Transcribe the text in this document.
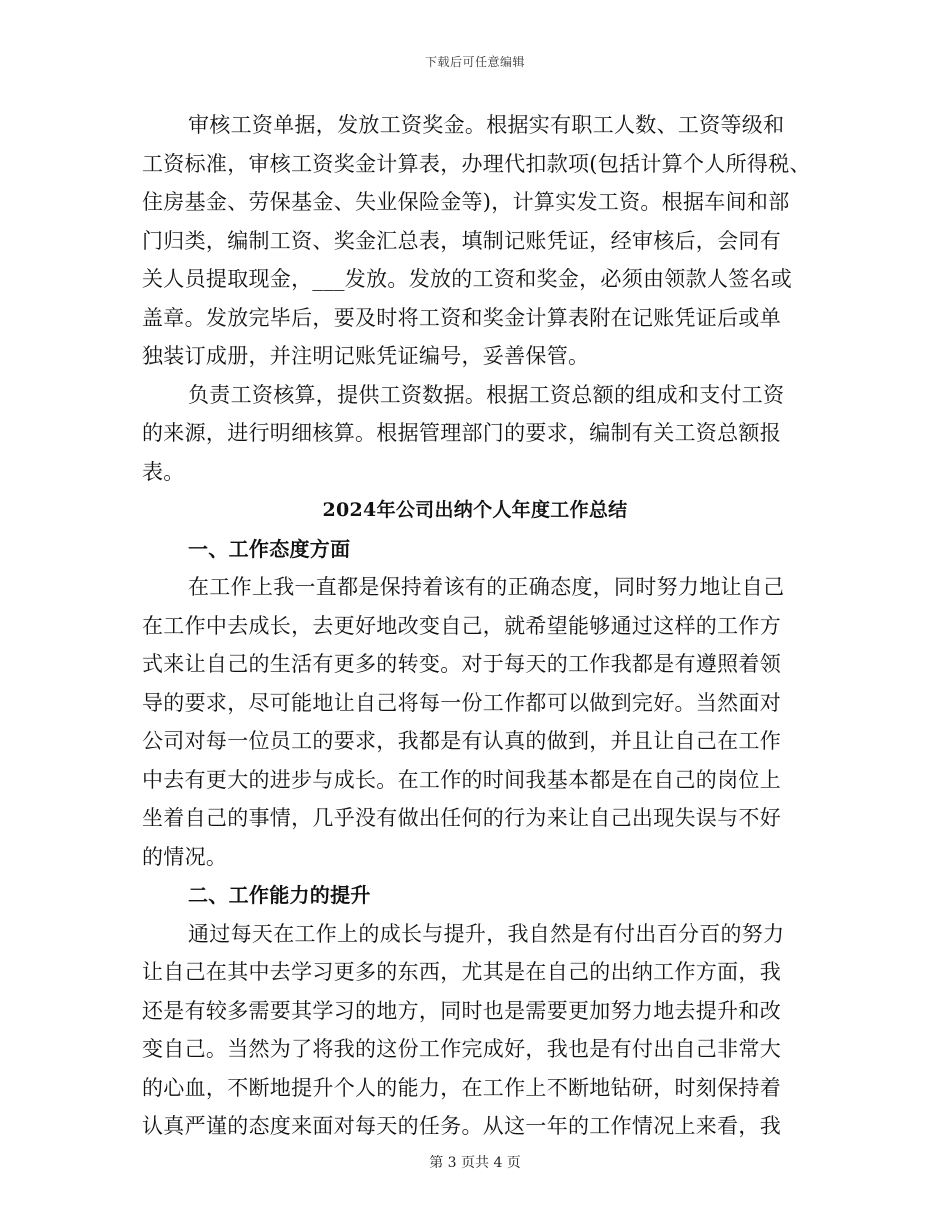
下载后可任意编辑
审核工资单据，发放工资奖金。根据实有职工人数、工资等级和
工资标准，审核工资奖金计算表，办理代扣款项(包括计算个人所得税、
住房基金、劳保基金、失业保险金等)，计算实发工资。根据车间和部
门归类，编制工资、奖金汇总表，填制记账凭证，经审核后，会同有
关人员提取现金，___发放。发放的工资和奖金，必须由领款人签名或
盖章。发放完毕后，要及时将工资和奖金计算表附在记账凭证后或单
独装订成册，并注明记账凭证编号，妥善保管。
负责工资核算，提供工资数据。根据工资总额的组成和支付工资
的来源，进行明细核算。根据管理部门的要求，编制有关工资总额报
表。
2024年公司出纳个人年度工作总结
一、工作态度方面
在工作上我一直都是保持着该有的正确态度，同时努力地让自己
在工作中去成长，去更好地改变自己，就希望能够通过这样的工作方
式来让自己的生活有更多的转变。对于每天的工作我都是有遵照着领
导的要求，尽可能地让自己将每一份工作都可以做到完好。当然面对
公司对每一位员工的要求，我都是有认真的做到，并且让自己在工作
中去有更大的进步与成长。在工作的时间我基本都是在自己的岗位上
坐着自己的事情，几乎没有做出任何的行为来让自己出现失误与不好
的情况。
二、工作能力的提升
通过每天在工作上的成长与提升，我自然是有付出百分百的努力
让自己在其中去学习更多的东西，尤其是在自己的出纳工作方面，我
还是有较多需要其学习的地方，同时也是需要更加努力地去提升和改
变自己。当然为了将我的这份工作完成好，我也是有付出自己非常大
的心血，不断地提升个人的能力，在工作上不断地钻研，时刻保持着
认真严谨的态度来面对每天的任务。从这一年的工作情况上来看，我
第 3 页共 4 页
